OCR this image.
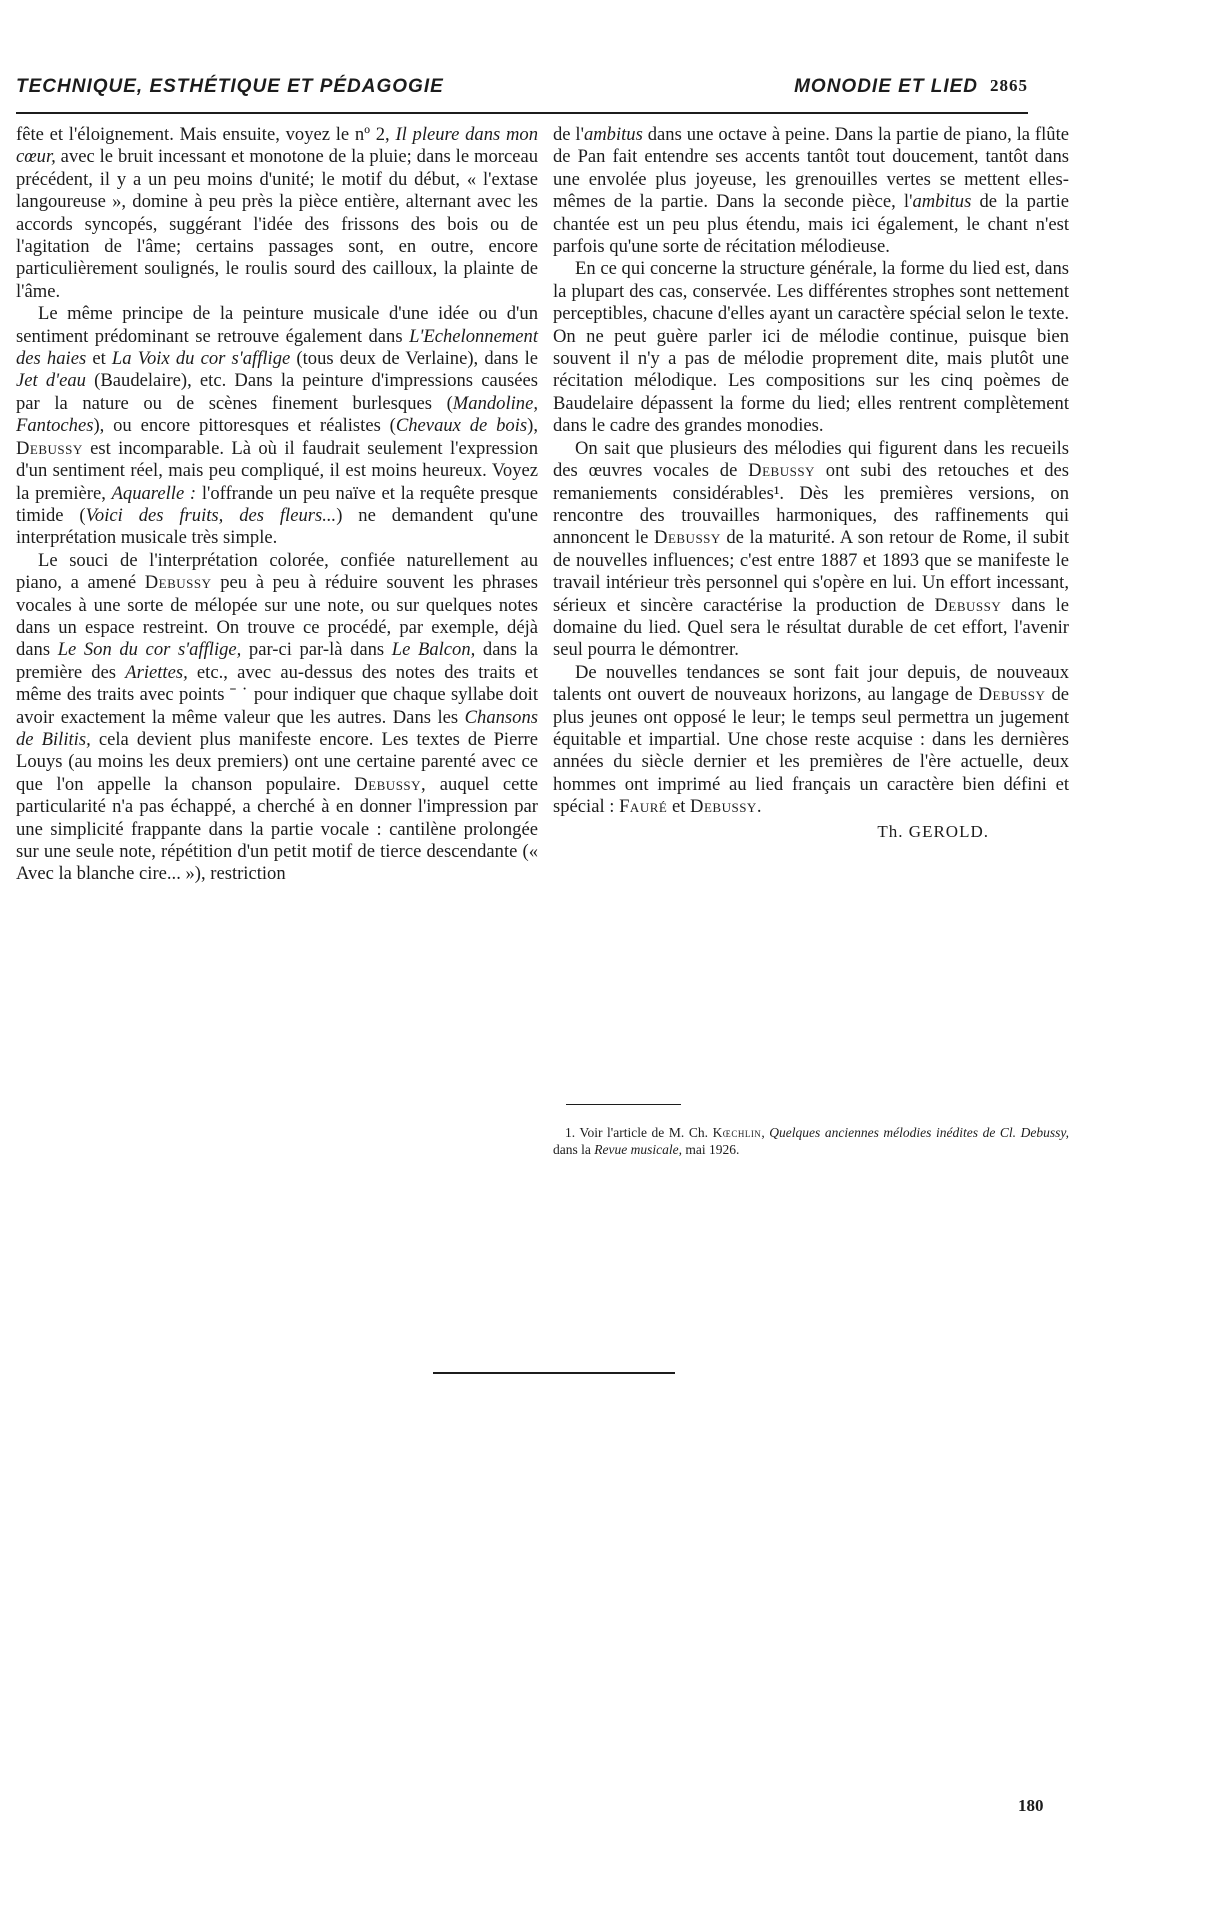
TECHNIQUE, ESTHÉTIQUE ET PÉDAGOGIE	MONODIE ET LIED 2865

fête et l'éloignement. Mais ensuite, voyez le nº 2, Il pleure dans mon cœur, avec le bruit incessant et monotone de la pluie; dans le morceau précédent, il y a un peu moins d'unité; le motif du début, « l'extase langoureuse », domine à peu près la pièce entière, alternant avec les accords syncopés, suggérant l'idée des frissons des bois ou de l'agitation de l'âme; certains passages sont, en outre, encore particulièrement soulignés, le roulis sourd des cailloux, la plainte de l'âme.

Le même principe de la peinture musicale d'une idée ou d'un sentiment prédominant se retrouve également dans L'Echelonnement des haies et La Voix du cor s'afflige (tous deux de Verlaine), dans le Jet d'eau (Baudelaire), etc. Dans la peinture d'impressions causées par la nature ou de scènes finement burlesques (Mandoline, Fantoches), ou encore pittoresques et réalistes (Chevaux de bois), Debussy est incomparable. Là où il faudrait seulement l'expression d'un sentiment réel, mais peu compliqué, il est moins heureux. Voyez la première, Aquarelle : l'offrande un peu naïve et la requête presque timide (Voici des fruits, des fleurs...) ne demandent qu'une interprétation musicale très simple.

Le souci de l'interprétation colorée, confiée naturellement au piano, a amené Debussy peu à peu à réduire souvent les phrases vocales à une sorte de mélopée sur une note, ou sur quelques notes dans un espace restreint. On trouve ce procédé, par exemple, déjà dans Le Son du cor s'afflige, par-ci par-là dans Le Balcon, dans la première des Ariettes, etc., avec au-dessus des notes des traits et même des traits avec points ˉ ˙ pour indiquer que chaque syllabe doit avoir exactement la même valeur que les autres. Dans les Chansons de Bilitis, cela devient plus manifeste encore. Les textes de Pierre Louys (au moins les deux premiers) ont une certaine parenté avec ce que l'on appelle la chanson populaire. Debussy, auquel cette particularité n'a pas échappé, a cherché à en donner l'impression par une simplicité frappante dans la partie vocale : cantilène prolongée sur une seule note, répétition d'un petit motif de tierce descendante (« Avec la blanche cire... »), restriction

de l'ambitus dans une octave à peine. Dans la partie de piano, la flûte de Pan fait entendre ses accents tantôt tout doucement, tantôt dans une envolée plus joyeuse, les grenouilles vertes se mettent elles-mêmes de la partie. Dans la seconde pièce, l'ambitus de la partie chantée est un peu plus étendu, mais ici également, le chant n'est parfois qu'une sorte de récitation mélodieuse.

En ce qui concerne la structure générale, la forme du lied est, dans la plupart des cas, conservée. Les différentes strophes sont nettement perceptibles, chacune d'elles ayant un caractère spécial selon le texte. On ne peut guère parler ici de mélodie continue, puisque bien souvent il n'y a pas de mélodie proprement dite, mais plutôt une récitation mélodique. Les compositions sur les cinq poèmes de Baudelaire dépassent la forme du lied; elles rentrent complètement dans le cadre des grandes monodies.

On sait que plusieurs des mélodies qui figurent dans les recueils des œuvres vocales de Debussy ont subi des retouches et des remaniements considérables¹. Dès les premières versions, on rencontre des trouvailles harmoniques, des raffinements qui annoncent le Debussy de la maturité. A son retour de Rome, il subit de nouvelles influences; c'est entre 1887 et 1893 que se manifeste le travail intérieur très personnel qui s'opère en lui. Un effort incessant, sérieux et sincère caractérise la production de Debussy dans le domaine du lied. Quel sera le résultat durable de cet effort, l'avenir seul pourra le démontrer.

De nouvelles tendances se sont fait jour depuis, de nouveaux talents ont ouvert de nouveaux horizons, au langage de Debussy de plus jeunes ont opposé le leur; le temps seul permettra un jugement équitable et impartial. Une chose reste acquise : dans les dernières années du siècle dernier et les premières de l'ère actuelle, deux hommes ont imprimé au lied français un caractère bien défini et spécial : Fauré et Debussy.

Th. GEROLD.

1. Voir l'article de M. Ch. Kœchlin, Quelques anciennes mélodies inédites de Cl. Debussy, dans la Revue musicale, mai 1926.

180
